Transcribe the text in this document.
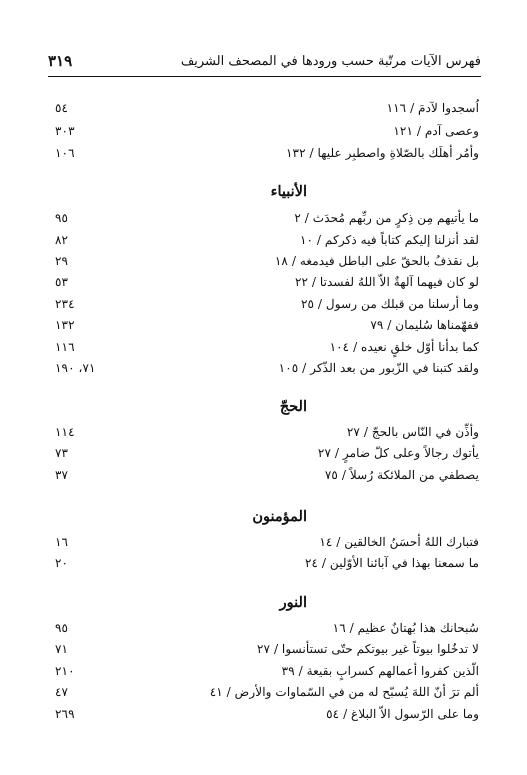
فهرس الآيات مرتّبة حسب ورودها في المصحف الشريف
٣١٩
اُسجدوا لآدمَ / ١١٦
٥٤
وعصى آدم / ١٢١
٣٠٣
وأمُر أهلَك بالصّلاةِ واصطبِر عليها / ١٣٢
١٠٦
الأنبياء
ما يأتيهم مِن ذِكرٍ من ربِّهم مُحدَث / ٢
٩٥
لقد أنزلنا إليكم كتاباً فيه ذكركم / ١٠
٨٢
بل نقذفُ بالحقّ على الباطل فيدمغه / ١٨
٢٩
لو كان فيهما آلهةٌ الاّ اللهُ لفسدتا / ٢٢
٥٣
وما أرسلنا من قبلك من رسول / ٢٥
٢٣٤
ففهّمناها سُليمان / ٧٩
١٣٢
كما بدأنا أوّل خلقٍ نعيده / ١٠٤
١١٦
ولقد كتبنا في الزّبور من بعد الذّكر / ١٠٥
٧١، ١٩٠
الحجّ
وأذِّن في النّاس بالحجّ / ٢٧
١١٤
يأتوك رجالاً وعلى كلّ ضامرٍ / ٢٧
٧٣
يصطفي من الملائكة رُسلاً / ٧٥
٣٧
المؤمنون
فتبارك اللهُ أحسَنُ الخالقين / ١٤
١٦
ما سمعنا بهذا في آبائنا الأوّلين / ٢٤
٢٠
النور
سُبحانك هذا بُهتانٌ عظيم / ١٦
٩٥
لا تدخُلوا بيوتاً غير بيوتكم حتّى تستأنسوا / ٢٧
٧١
الّذين كفروا أعمالهم كسرابٍ بقيعة / ٣٩
٢١٠
ألم ترَ أنّ اللهَ يُسبّح له من في السّماوات والأرض / ٤١
٤٧
وما على الرّسول الاّ البلاغ / ٥٤
٢٦٩
